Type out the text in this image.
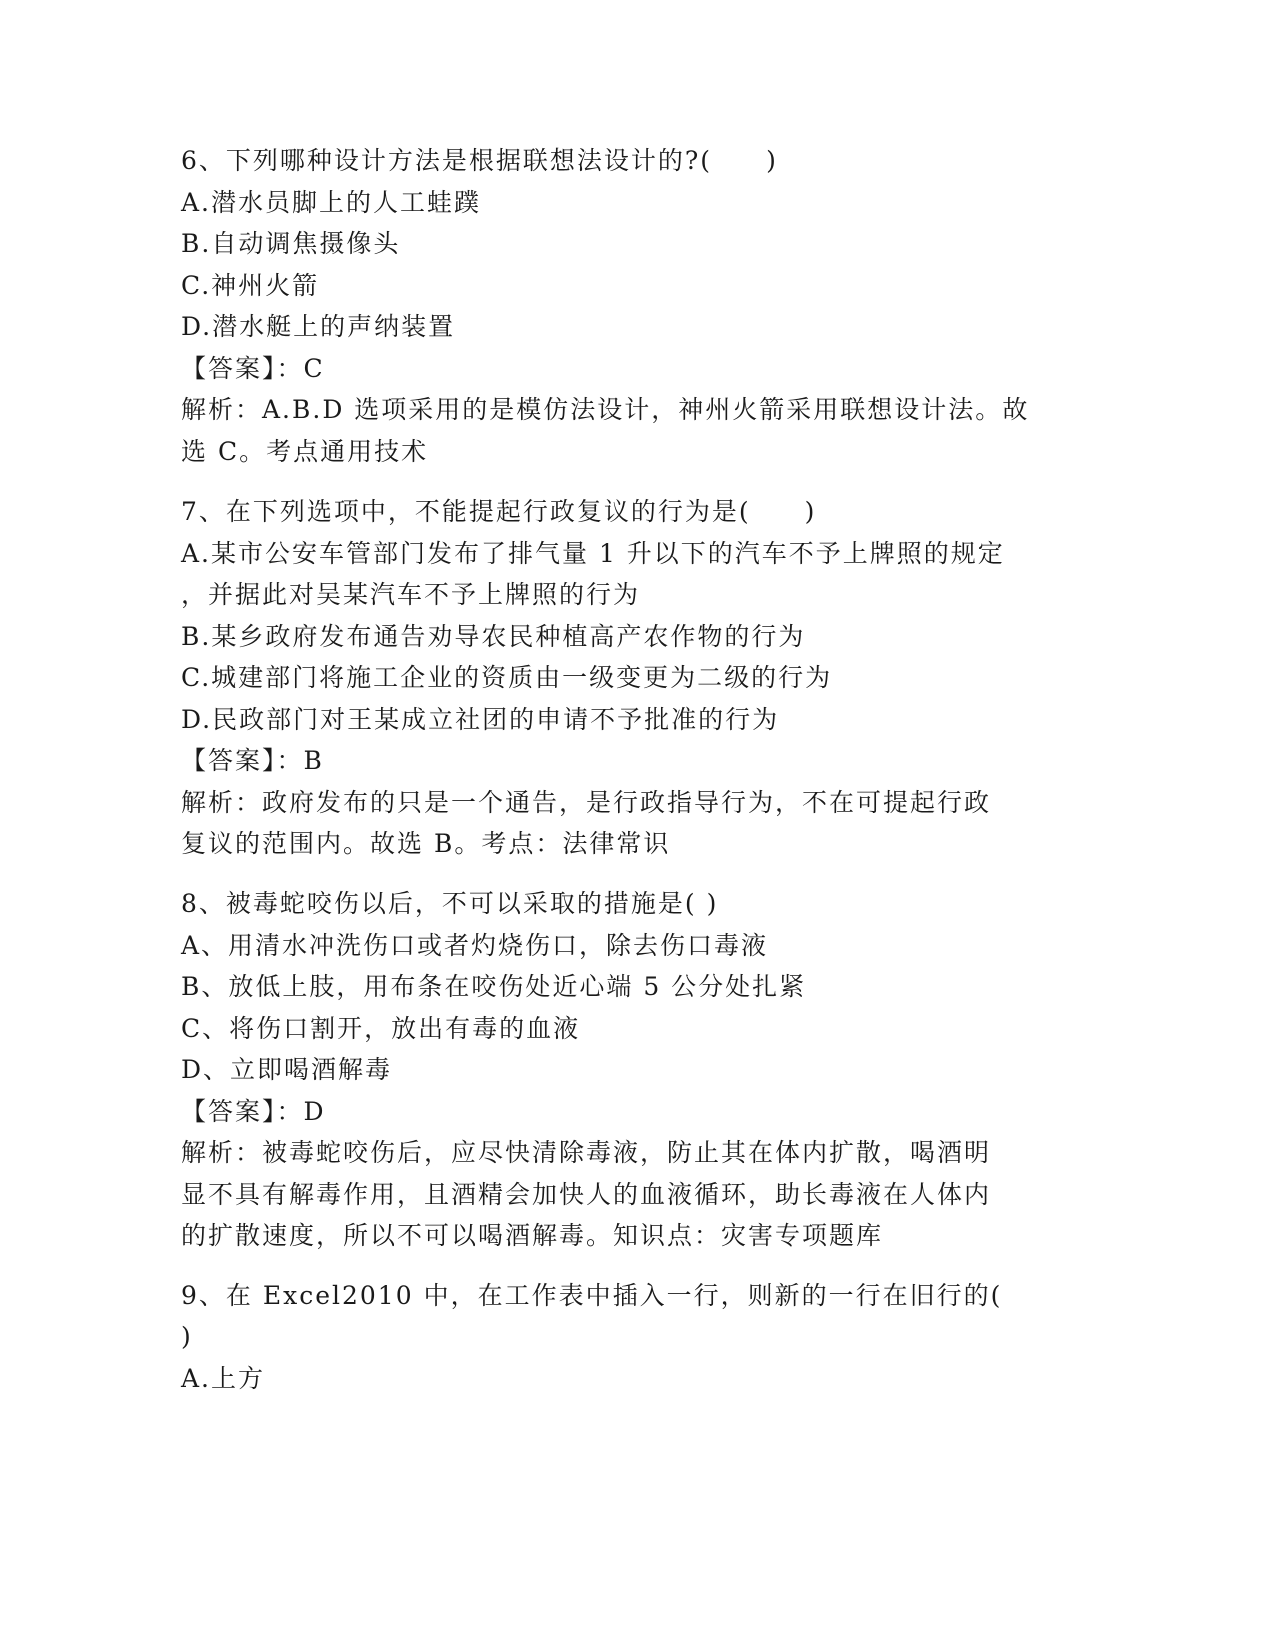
6、下列哪种设计方法是根据联想法设计的?(　　)
A.潜水员脚上的人工蛙蹼
B.自动调焦摄像头
C.神州火箭
D.潜水艇上的声纳装置
【答案】：C
解析：A.B.D 选项采用的是模仿法设计，神州火箭采用联想设计法。故
选 C。考点通用技术
7、在下列选项中，不能提起行政复议的行为是(　　)
A.某市公安车管部门发布了排气量 1 升以下的汽车不予上牌照的规定
，并据此对吴某汽车不予上牌照的行为
B.某乡政府发布通告劝导农民种植高产农作物的行为
C.城建部门将施工企业的资质由一级变更为二级的行为
D.民政部门对王某成立社团的申请不予批准的行为
【答案】：B
解析：政府发布的只是一个通告，是行政指导行为，不在可提起行政
复议的范围内。故选 B。考点：法律常识
8、被毒蛇咬伤以后，不可以采取的措施是( )
A、用清水冲洗伤口或者灼烧伤口，除去伤口毒液
B、放低上肢，用布条在咬伤处近心端 5 公分处扎紧
C、将伤口割开，放出有毒的血液
D、立即喝酒解毒
【答案】：D
解析：被毒蛇咬伤后，应尽快清除毒液，防止其在体内扩散，喝酒明
显不具有解毒作用，且酒精会加快人的血液循环，助长毒液在人体内
的扩散速度，所以不可以喝酒解毒。知识点：灾害专项题库
9、在 Excel2010 中，在工作表中插入一行，则新的一行在旧行的(
)
A.上方
